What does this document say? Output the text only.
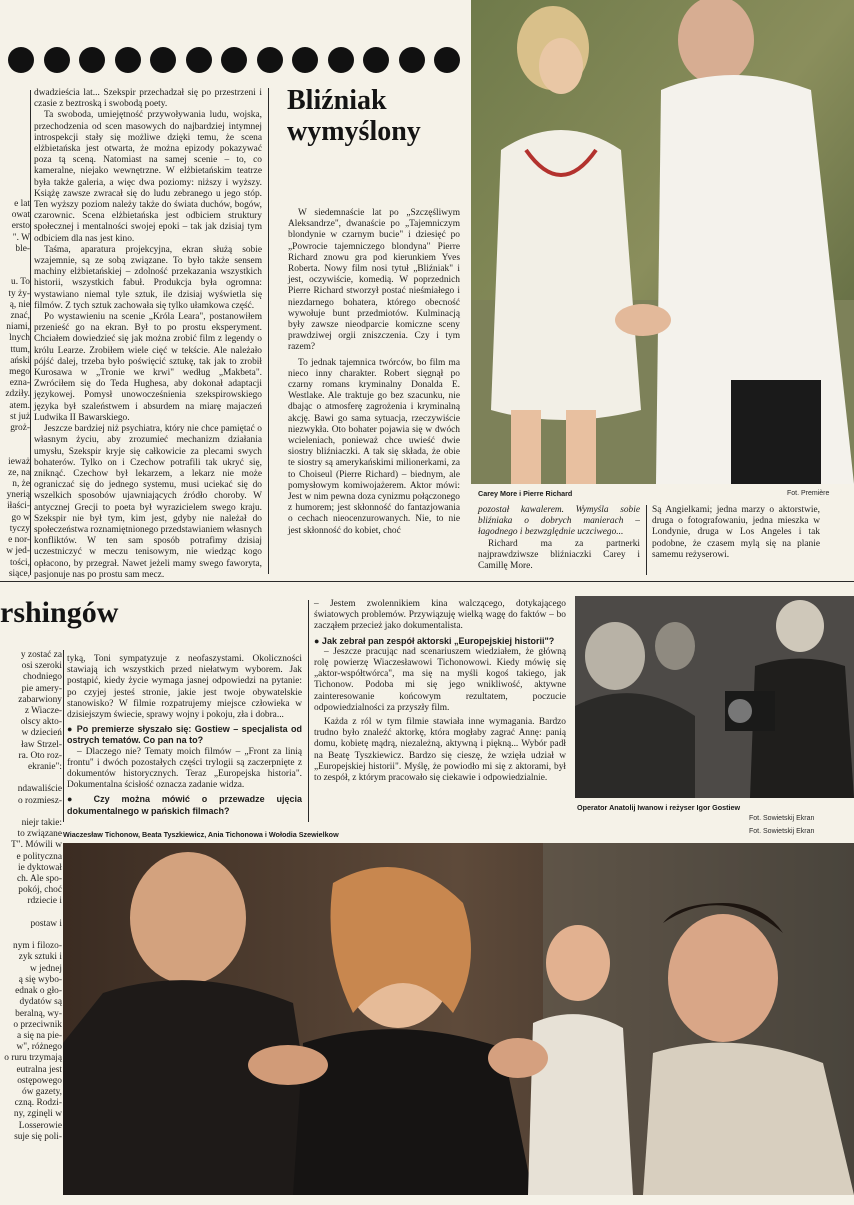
e lat
owat
ersto
". W
ble-

u. To
ty ży-
ą, nie
znać,
niami,
lnych
ttum,
ański
mego
ezna-
zdziły.
atem.
st już
groż-

ieważ
ze, na
n, że
ynerią
iłaści-
go w
tyczy
e nor-
w jed-
tości,
siące,

dwadzieścia lat... Szekspir przechadzał się po przestrzeni i czasie z beztroską i swobodą poety.

Ta swoboda, umiejętność przywoływania ludu, wojska, przechodzenia od scen masowych do najbardziej intymnej introspekcji stały się możliwe dzięki temu, że scena elżbietańska jest otwarta, że można epizody pokazywać poza tą sceną. Natomiast na samej scenie – to, co kameralne, niejako wewnętrzne. W elżbietańskim teatrze była także galeria, a więc dwa poziomy: niższy i wyższy. Książę zawsze zwracał się do ludu zebranego u jego stóp. Ten wyższy poziom należy także do świata duchów, bogów, czarownic. Scena elżbietańska jest odbiciem struktury społecznej i mentalności swojej epoki – tak jak dzisiaj tym odbiciem dla nas jest kino.

Taśma, aparatura projekcyjna, ekran służą sobie wzajemnie, są ze sobą związane. To było także sensem machiny elżbietańskiej – zdolność przekazania wszystkich historii, wszystkich fabuł. Produkcja była ogromna: wystawiano niemal tyle sztuk, ile dzisiaj wyświetla się filmów. Z tych sztuk zachowała się tylko ułamkowa część.

Po wystawieniu na scenie „Króla Leara", postanowiłem przenieść go na ekran. Był to po prostu eksperyment. Chciałem dowiedzieć się jak można zrobić film z legendy o królu Learze. Zrobiłem wiele cięć w tekście. Ale należało pójść dalej, trzeba było poświęcić sztukę, tak jak to zrobił Kurosawa w „Tronie we krwi" według „Makbeta". Zwróciłem się do Teda Hughesa, aby dokonał adaptacji językowej. Pomysł unowocześnienia szekspirowskiego języka był szaleństwem i absurdem na miarę majaczeń Ludwika II Bawarskiego.

Jeszcze bardziej niż psychiatra, który nie chce pamiętać o własnym życiu, aby zrozumieć mechanizm działania umysłu, Szekspir kryje się całkowicie za plecami swych bohaterów. Tylko on i Czechow potrafili tak ukryć się, zniknąć. Czechow był lekarzem, a lekarz nie może ograniczać się do jednego systemu, musi uciekać się do wszelkich sposobów ujawniających źródło choroby. W antycznej Grecji to poeta był wyrazicielem swego kraju. Szekspir nie był tym, kim jest, gdyby nie należał do społeczeństwa roznamiętnionego przedstawianiem własnych konfliktów. W ten sam sposób potrafimy dzisiaj uczestniczyć w meczu tenisowym, nie wiedząc kogo opłacono, by przegrał. Nawet jeżeli mamy swego faworyta, pasjonuje nas po prostu sam mecz.

Bliźniak
wymyślony

W siedemnaście lat po „Szczęśliwym Aleksandrze", dwanaście po „Tajemniczym blondynie w czarnym bucie" i dziesięć po „Powrocie tajemniczego blondyna" Pierre Richard znowu gra pod kierunkiem Yves Roberta. Nowy film nosi tytuł „Bliźniak" i jest, oczywiście, komedią. W poprzednich Pierre Richard stworzył postać nieśmiałego i niezdarnego bohatera, którego obecność wywołuje bunt przedmiotów. Kulminacją były zawsze nieodparcie komiczne sceny prawdziwej orgii zniszczenia. Czy i tym razem?

To jednak tajemnica twórców, bo film ma nieco inny charakter. Robert sięgnął po czarny romans kryminalny Donalda E. Westlake. Ale traktuje go bez szacunku, nie dbając o atmosferę zagrożenia i kryminalną akcję. Bawi go sama sytuacja, rzeczywiście niezwykła. Oto bohater pojawia się w dwóch wcieleniach, ponieważ chce uwieść dwie siostry bliźniaczki. A tak się składa, że obie te siostry są amerykańskimi milionerkami, za to Choiseul (Pierre Richard) – biednym, ale pomysłowym komiwojażerem. Aktor mówi: Jest w nim pewna doza cynizmu połączonego z humorem; jest skłonność do fantazjowania o cechach nieocenzurowanych. Nie, to nie jest skłonność do kobiet, choć

Carey More i Pierre Richard	Fot. Première

pozostał kawalerem. Wymyśla sobie bliźniaka o dobrych manierach – łagodnego i bezwzględnie uczciwego...

Richard ma za partnerki najprawdziwsze bliźniaczki Carey i Camillę More.

Są Angielkami; jedna marzy o aktorstwie, druga o fotografowaniu, jedna mieszka w Londynie, druga w Los Angeles i tak podobne, że czasem mylą się na planie samemu reżyserowi.

rshingów
y zostać za
osi szeroki
chodniego
pie amery-
zabarwiony
z Wiacze-
olscy akto-
w dziecień
ław Strzel-
ra. Oto roz-
ekranie":

ndawaliście
o rozmiesz-

niejr takie:
to związane
T". Mówili w
e polityczna
ie dyktował
ch. Ale spo-
pokój, choć
rdziecie i

postaw i

nym i filozo-
zyk sztuki i
w jednej
ą się wybo-
ednak o gło-
dydatów są
beralną, wy-
o przeciwnik
a się na pie-
w", różnego
o ruru trzymają
eutralna jest
ostępowego
ów gazety,
czną. Rodzi-
ny, zginęli w
Losserowie
suje się poli-

tyką, Toni sympatyzuje z neofaszystami. Okoliczności stawiają ich wszystkich przed niełatwym wyborem. Jak postąpić, kiedy życie wymaga jasnej odpowiedzi na pytanie: po czyjej jesteś stronie, jakie jest twoje obywatelskie stanowisko? W filmie rozpatrujemy miejsce człowieka w dzisiejszym świecie, sprawy wojny i pokoju, zła i dobra...

● Po premierze słyszało się: Gostiew – specjalista od ostrych tematów. Co pan na to?

– Dlaczego nie? Tematy moich filmów – „Front za linią frontu" i dwóch pozostałych części trylogii są zaczerpnięte z dokumentów historycznych. Teraz „Europejska historia". Dokumentalna ścisłość oznacza zadanie widza.

● Czy można mówić o przewadze ujęcia dokumentalnego w pańskich filmach?

– Jestem zwolennikiem kina walczącego, dotykającego światowych problemów. Przywiązuję wielką wagę do faktów – bo zacząłem przecież jako dokumentalista.

● Jak zebrał pan zespół aktorski „Europejskiej historii"?

– Jeszcze pracując nad scenariuszem wiedziałem, że główną rolę powierzę Wiaczesławowi Tichonowowi. Kiedy mówię się „aktor-współtwórca", ma się na myśli kogoś takiego, jak Tichonow. Podoba mi się jego wnikliwość, aktywne zainteresowanie końcowym rezultatem, poczucie odpowiedzialności za przyszły film.

Każda z ról w tym filmie stawiała inne wymagania. Bardzo trudno było znaleźć aktorkę, która mogłaby zagrać Annę: panią domu, kobietę mądrą, niezależną, aktywną i piękną... Wybór padł na Beatę Tyszkiewicz. Bardzo się cieszę, że wzięła udział w „Europejskiej historii". Myślę, że powiodło mi się z aktorami, był to zespół, z którym pracowało się ciekawie i odpowiedzialnie.

Operator Anatolij Iwanow i reżyser Igor Gostiew
Fot. Sowietskij Ekran
Fot. Sowietskij Ekran
Wiaczesław Tichonow, Beata Tyszkiewicz, Ania Tichonowa i Wołodia Szewielkow
